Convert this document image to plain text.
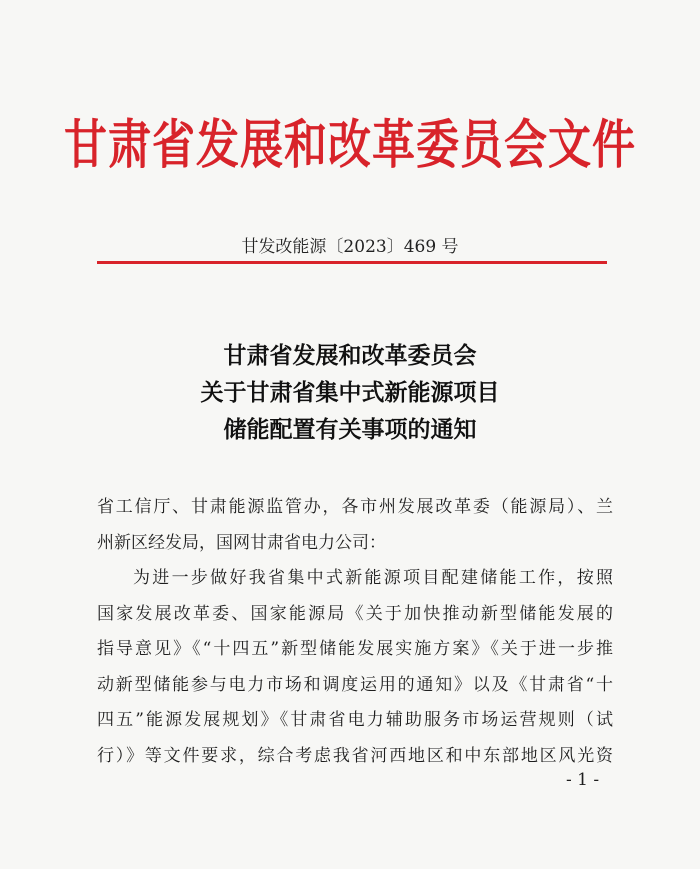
甘肃省发展和改革委员会文件
甘发改能源〔2023〕469 号
甘肃省发展和改革委员会
关于甘肃省集中式新能源项目
储能配置有关事项的通知
省工信厅、甘肃能源监管办，各市州发展改革委（能源局）、兰
州新区经发局，国网甘肃省电力公司：
为进一步做好我省集中式新能源项目配建储能工作，按照
国家发展改革委、国家能源局《关于加快推动新型储能发展的
指导意见》《“十四五”新型储能发展实施方案》《关于进一步推
动新型储能参与电力市场和调度运用的通知》以及《甘肃省“十
四五”能源发展规划》《甘肃省电力辅助服务市场运营规则（试
行）》等文件要求，综合考虑我省河西地区和中东部地区风光资
- 1 -
